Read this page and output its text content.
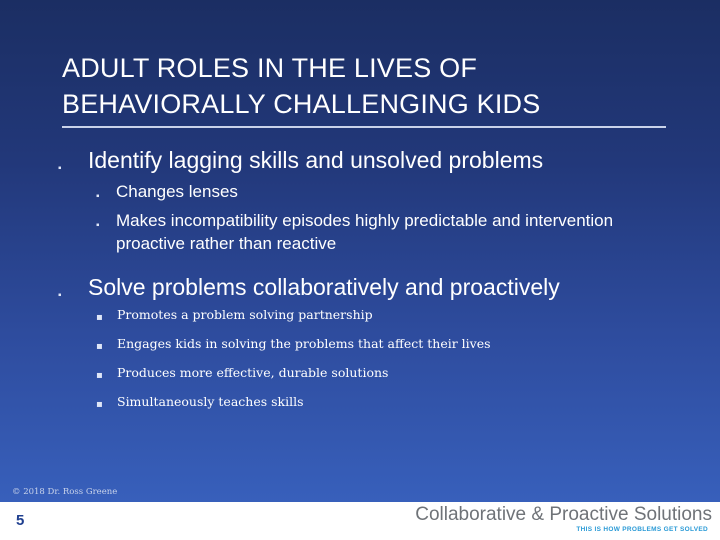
ADULT ROLES IN THE LIVES OF
BEHAVIORALLY CHALLENGING KIDS
▪ Identify lagging skills and unsolved problems
▪ Changes lenses
▪ Makes incompatibility episodes highly predictable and intervention proactive rather than reactive
▪ Solve problems collaboratively and proactively
▪ Promotes a problem solving partnership
▪ Engages kids in solving the problems that affect their lives
▪ Produces more effective, durable solutions
▪ Simultaneously teaches skills
© 2018 Dr. Ross Greene
5	Collaborative & Proactive Solutions
THIS IS HOW PROBLEMS GET SOLVED
